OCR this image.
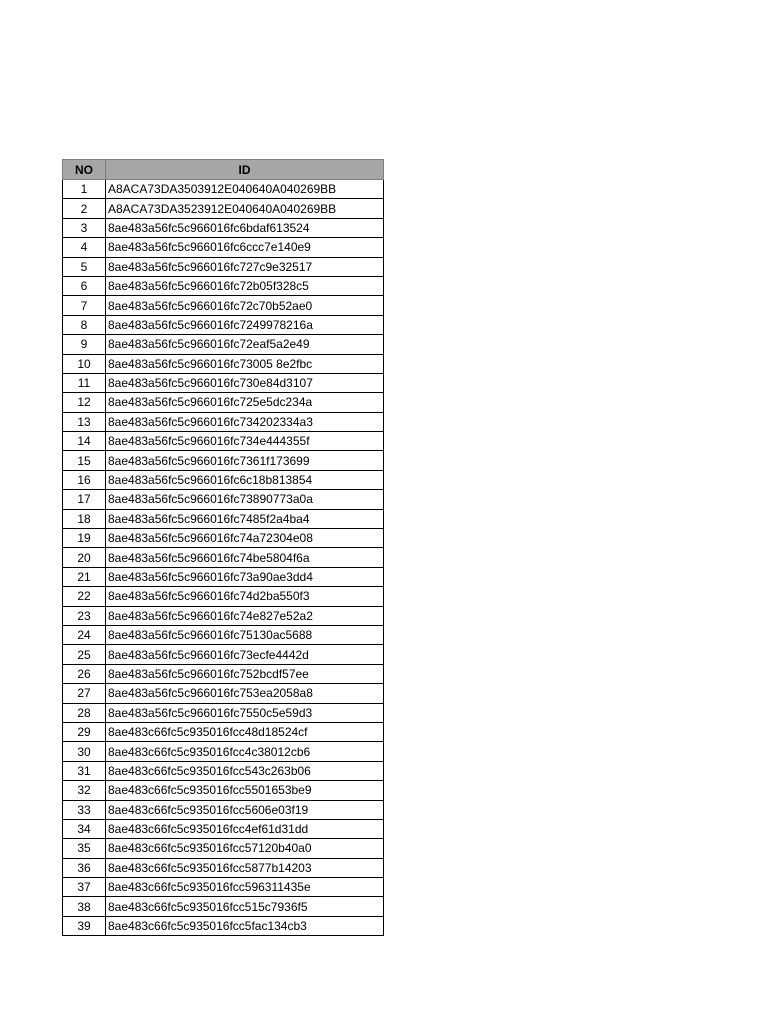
NO	ID
1	A8ACA73DA3503912E040640A040269BB
2	A8ACA73DA3523912E040640A040269BB
3	8ae483a56fc5c966016fc6bdaf613524
4	8ae483a56fc5c966016fc6ccc7e140e9
5	8ae483a56fc5c966016fc727c9e32517
6	8ae483a56fc5c966016fc72b05f328c5
7	8ae483a56fc5c966016fc72c70b52ae0
8	8ae483a56fc5c966016fc7249978216a
9	8ae483a56fc5c966016fc72eaf5a2e49
10	8ae483a56fc5c966016fc73005 8e2fbc
11	8ae483a56fc5c966016fc730e84d3107
12	8ae483a56fc5c966016fc725e5dc234a
13	8ae483a56fc5c966016fc734202334a3
14	8ae483a56fc5c966016fc734e444355f
15	8ae483a56fc5c966016fc7361f173699
16	8ae483a56fc5c966016fc6c18b813854
17	8ae483a56fc5c966016fc73890773a0a
18	8ae483a56fc5c966016fc7485f2a4ba4
19	8ae483a56fc5c966016fc74a72304e08
20	8ae483a56fc5c966016fc74be5804f6a
21	8ae483a56fc5c966016fc73a90ae3dd4
22	8ae483a56fc5c966016fc74d2ba550f3
23	8ae483a56fc5c966016fc74e827e52a2
24	8ae483a56fc5c966016fc75130ac5688
25	8ae483a56fc5c966016fc73ecfe4442d
26	8ae483a56fc5c966016fc752bcdf57ee
27	8ae483a56fc5c966016fc753ea2058a8
28	8ae483a56fc5c966016fc7550c5e59d3
29	8ae483c66fc5c935016fcc48d18524cf
30	8ae483c66fc5c935016fcc4c38012cb6
31	8ae483c66fc5c935016fcc543c263b06
32	8ae483c66fc5c935016fcc5501653be9
33	8ae483c66fc5c935016fcc5606e03f19
34	8ae483c66fc5c935016fcc4ef61d31dd
35	8ae483c66fc5c935016fcc57120b40a0
36	8ae483c66fc5c935016fcc5877b14203
37	8ae483c66fc5c935016fcc596311435e
38	8ae483c66fc5c935016fcc515c7936f5
39	8ae483c66fc5c935016fcc5fac134cb3
